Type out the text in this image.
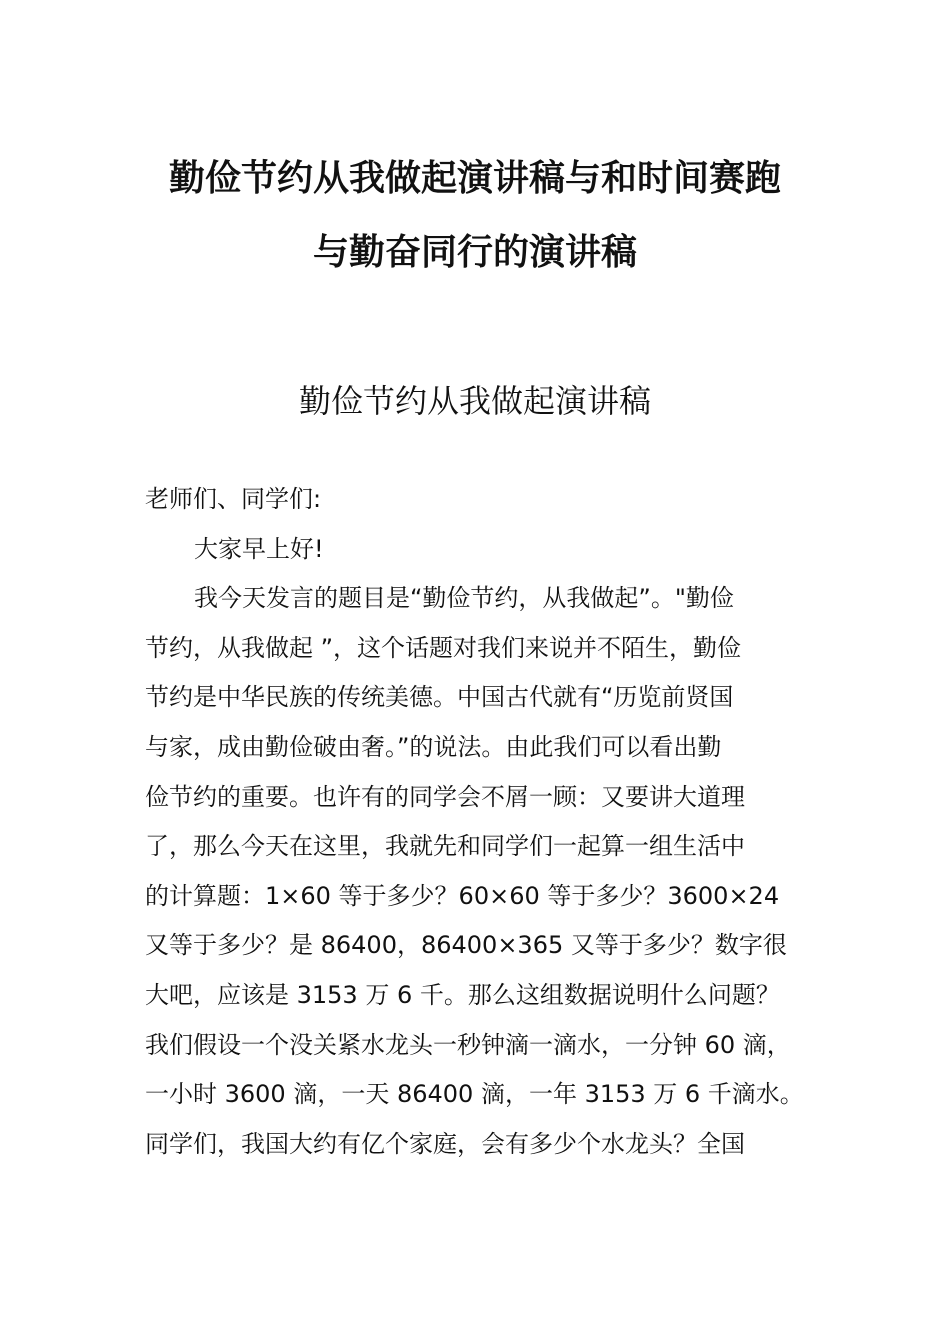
勤俭节约从我做起演讲稿与和时间赛跑
与勤奋同行的演讲稿
勤俭节约从我做起演讲稿
老师们、同学们:
大家早上好!
我今天发言的题目是“勤俭节约，从我做起”。"勤俭
节约，从我做起 ”，这个话题对我们来说并不陌生，勤俭
节约是中华民族的传统美德。中国古代就有“历览前贤国
与家，成由勤俭破由奢。”的说法。由此我们可以看出勤
俭节约的重要。也许有的同学会不屑一顾：又要讲大道理
了，那么今天在这里，我就先和同学们一起算一组生活中
的计算题：1×60 等于多少？60×60 等于多少？3600×24
又等于多少？是 86400，86400×365 又等于多少？数字很
大吧，应该是 3153 万 6 千。那么这组数据说明什么问题？
我们假设一个没关紧水龙头一秒钟滴一滴水，一分钟 60 滴，
一小时 3600 滴，一天 86400 滴，一年 3153 万 6 千滴水。
同学们，我国大约有亿个家庭，会有多少个水龙头？全国
